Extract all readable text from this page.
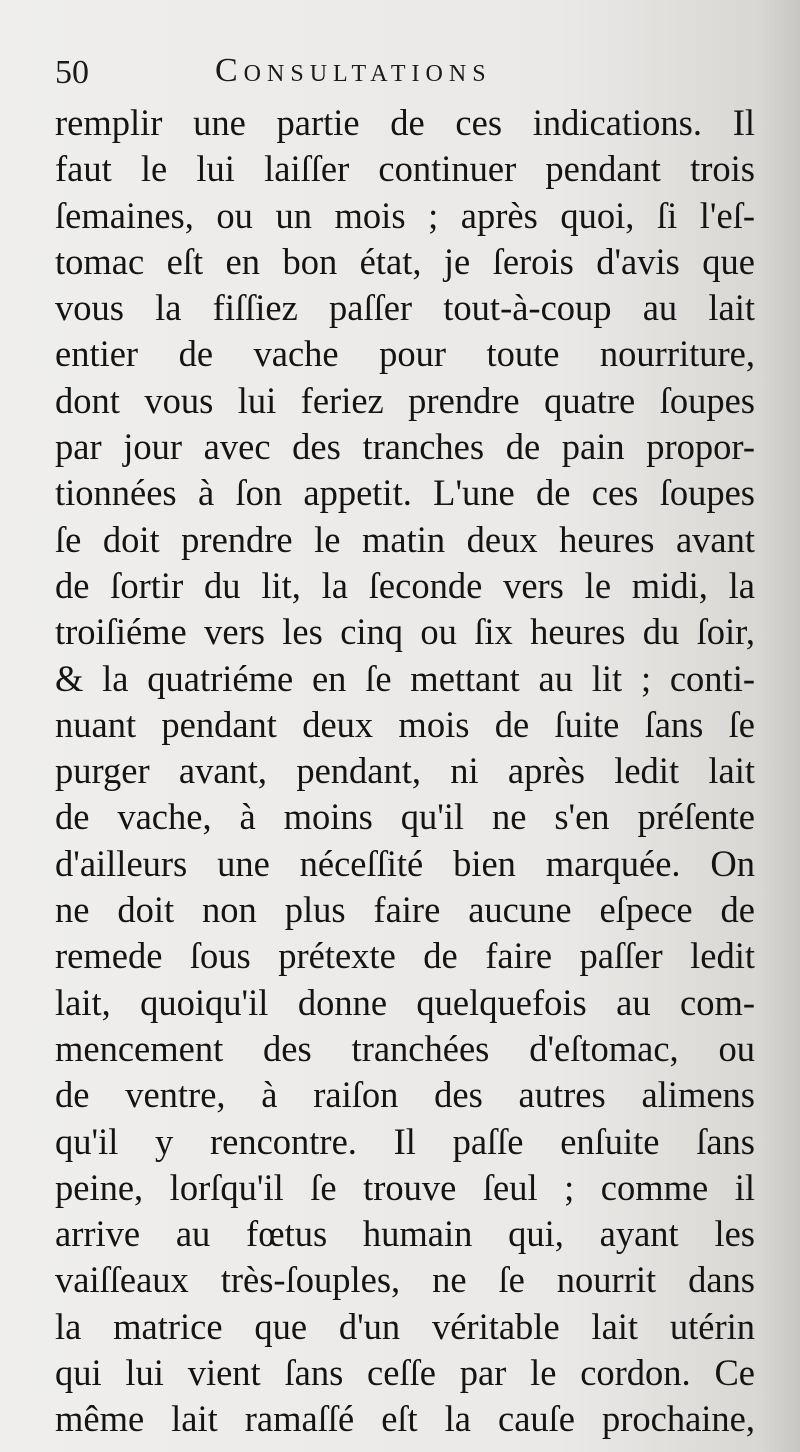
50	Consultations
remplir une partie de ces indications. Il
faut le lui laiſſer continuer pendant trois
ſemaines, ou un mois ; après quoi, ſi l'eſ-
tomac eſt en bon état, je ſerois d'avis que
vous la fiſſiez paſſer tout-à-coup au lait
entier de vache pour toute nourriture,
dont vous lui feriez prendre quatre ſoupes
par jour avec des tranches de pain propor-
tionnées à ſon appetit. L'une de ces ſoupes
ſe doit prendre le matin deux heures avant
de ſortir du lit, la ſeconde vers le midi, la
troiſiéme vers les cinq ou ſix heures du ſoir,
& la quatriéme en ſe mettant au lit ; conti-
nuant pendant deux mois de ſuite ſans ſe
purger avant, pendant, ni après ledit lait
de vache, à moins qu'il ne s'en préſente
d'ailleurs une néceſſité bien marquée. On
ne doit non plus faire aucune eſpece de
remede ſous prétexte de faire paſſer ledit
lait, quoiqu'il donne quelquefois au com-
mencement des tranchées d'eſtomac, ou
de ventre, à raiſon des autres alimens
qu'il y rencontre. Il paſſe enſuite ſans
peine, lorſqu'il ſe trouve ſeul ; comme il
arrive au fœtus humain qui, ayant les
vaiſſeaux très-ſouples, ne ſe nourrit dans
la matrice que d'un véritable lait utérin
qui lui vient ſans ceſſe par le cordon. Ce
même lait ramaſſé eſt la cauſe prochaine,
